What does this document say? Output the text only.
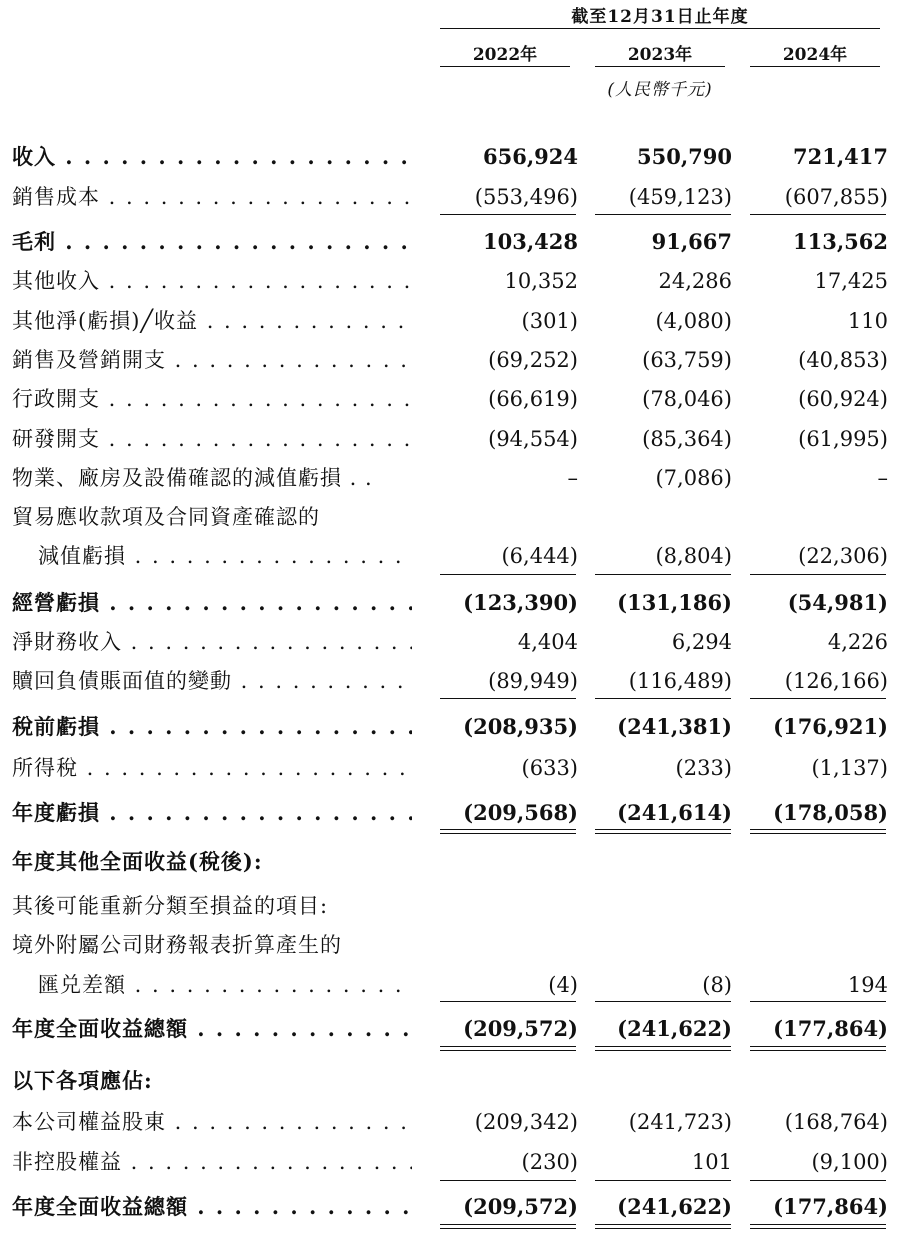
截至12月31日止年度
2022年	2023年	2024年
(人民幣千元)
收入 . . .	656,924	550,790	721,417
銷售成本 . . .	(553,496) (459,123)	(607,855)
毛利 . . .	103,428	91,667	113,562
其他收入 . . .	10,352	24,286	17,425
其他淨(虧損)╱收益 . . .	(301)	(4,080)	110
銷售及營銷開支 . . .	(69,252)	(63,759)	(40,853)
行政開支 . . .	(66,619)	(78,046)	(60,924)
研發開支 . . .	(94,554)	(85,364)	(61,995)
物業、廠房及設備確認的減值虧損 . .	–	(7,086)	–
貿易應收款項及合同資產確認的
減值虧損 . . .	(6,444)	(8,804)	(22,306)
經營虧損 . . .	(123,390) (131,186)	(54,981)
淨財務收入 . . .	4,404	6,294	4,226
贖回負債賬面值的變動 . . .	(89,949) (116,489)	(126,166)
稅前虧損 . . .	(208,935) (241,381) (176,921)
所得稅 . . .	(633)	(233)	(1,137)
年度虧損 . . .	(209,568) (241,614) (178,058)
年度其他全面收益(稅後):
其後可能重新分類至損益的項目:
境外附屬公司財務報表折算產生的
匯兑差額 . . .	(4)	(8)	194
年度全面收益總額 . . .	(209,572) (241,622) (177,864)
以下各項應佔:
本公司權益股東 . . .	(209,342) (241,723)	(168,764)
非控股權益 . . .	(230)	101	(9,100)
年度全面收益總額 . . .	(209,572) (241,622) (177,864)
